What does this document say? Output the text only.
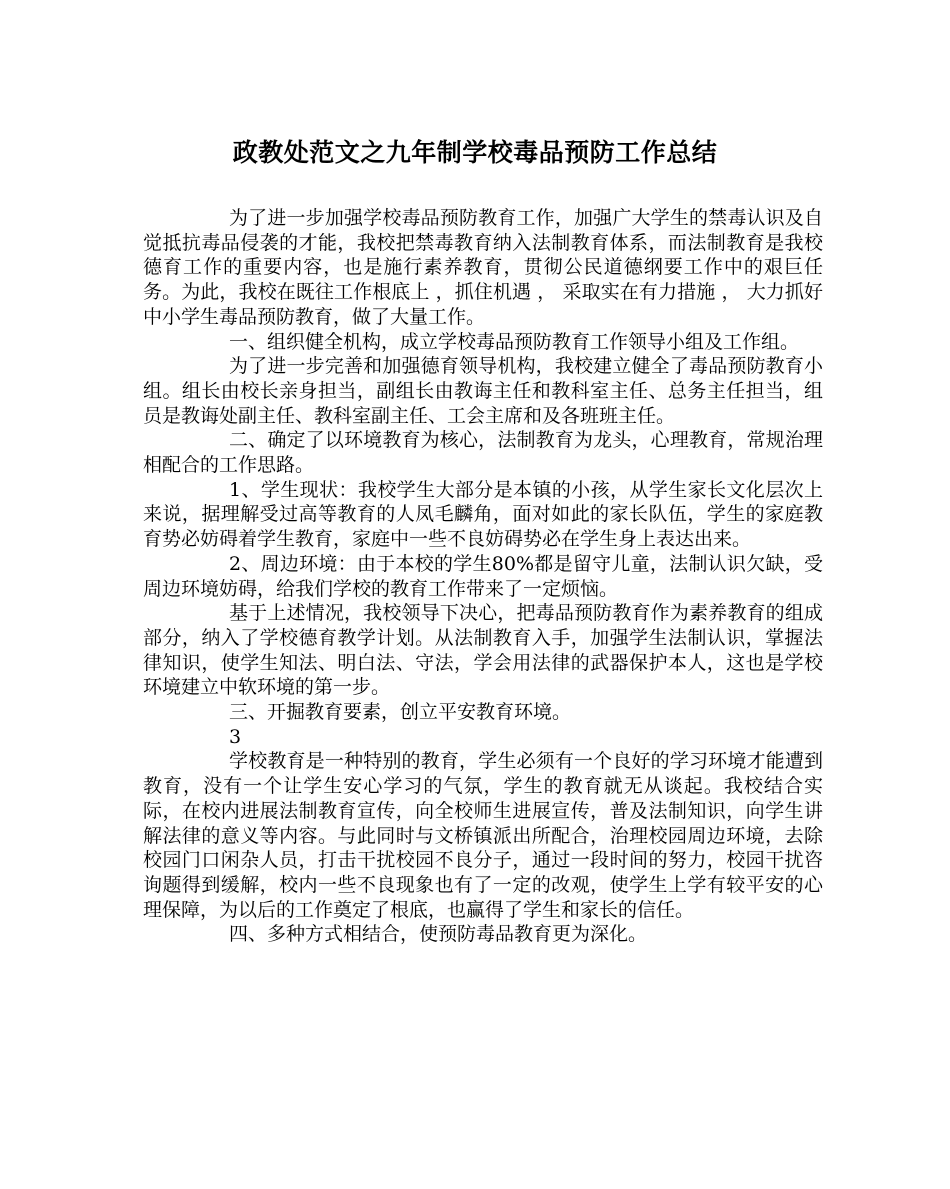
政教处范文之九年制学校毒品预防工作总结

为了进一步加强学校毒品预防教育工作，加强广大学生的禁毒认识及自觉抵抗毒品侵袭的才能，我校把禁毒教育纳入法制教育体系，而法制教育是我校德育工作的重要内容，也是施行素养教育，贯彻公民道德纲要工作中的艰巨任务。为此，我校在既往工作根底上 ，抓住机遇 ， 采取实在有力措施 ， 大力抓好中小学生毒品预防教育，做了大量工作。

一、组织健全机构，成立学校毒品预防教育工作领导小组及工作组。

为了进一步完善和加强德育领导机构，我校建立健全了毒品预防教育小组。组长由校长亲身担当，副组长由教诲主任和教科室主任、总务主任担当，组员是教诲处副主任、教科室副主任、工会主席和及各班班主任。

二、确定了以环境教育为核心，法制教育为龙头，心理教育，常规治理相配合的工作思路。

1、学生现状：我校学生大部分是本镇的小孩，从学生家长文化层次上来说，据理解受过高等教育的人凤毛麟角，面对如此的家长队伍，学生的家庭教育势必妨碍着学生教育，家庭中一些不良妨碍势必在学生身上表达出来。

2、周边环境：由于本校的学生80%都是留守儿童，法制认识欠缺，受周边环境妨碍，给我们学校的教育工作带来了一定烦恼。

基于上述情况，我校领导下决心，把毒品预防教育作为素养教育的组成部分，纳入了学校德育教学计划。从法制教育入手，加强学生法制认识，掌握法律知识，使学生知法、明白法、守法，学会用法律的武器保护本人，这也是学校环境建立中软环境的第一步。

三、开掘教育要素，创立平安教育环境。

3

学校教育是一种特别的教育，学生必须有一个良好的学习环境才能遭到教育，没有一个让学生安心学习的气氛，学生的教育就无从谈起。我校结合实际，在校内进展法制教育宣传，向全校师生进展宣传，普及法制知识，向学生讲解法律的意义等内容。与此同时与文桥镇派出所配合，治理校园周边环境，去除校园门口闲杂人员，打击干扰校园不良分子，通过一段时间的努力，校园干扰咨询题得到缓解，校内一些不良现象也有了一定的改观，使学生上学有较平安的心理保障，为以后的工作奠定了根底，也赢得了学生和家长的信任。

四、多种方式相结合，使预防毒品教育更为深化。
